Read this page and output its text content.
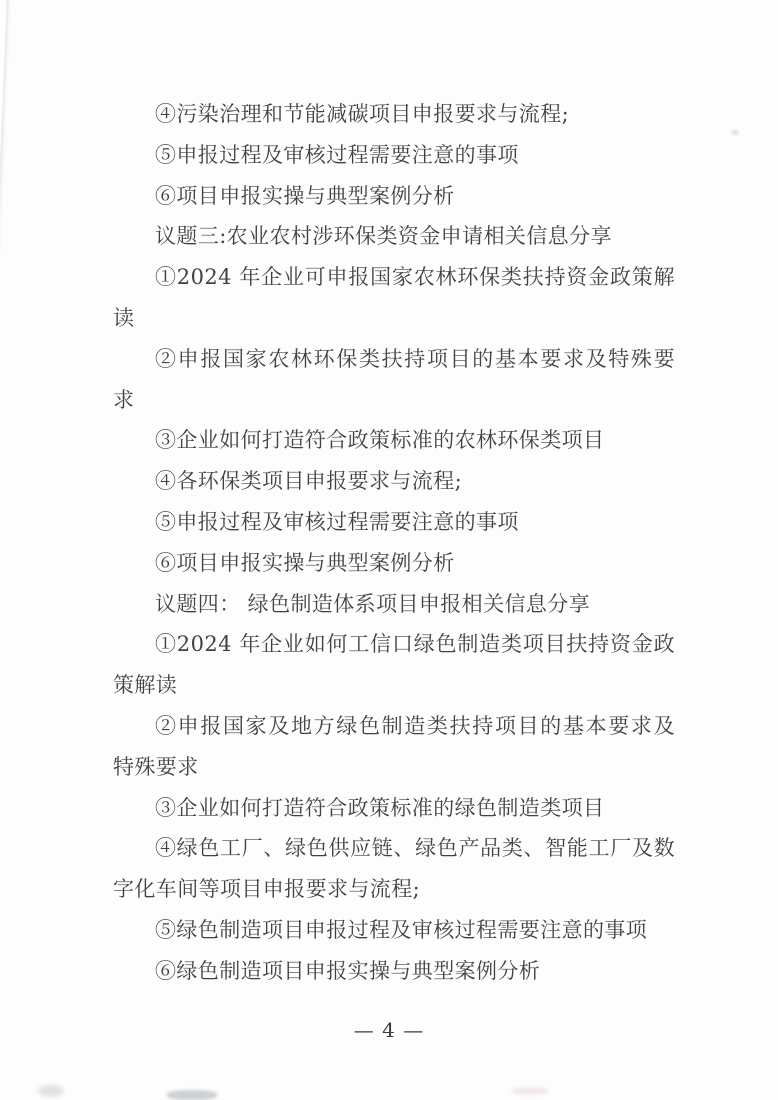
④污染治理和节能减碳项目申报要求与流程;
⑤申报过程及审核过程需要注意的事项
⑥项目申报实操与典型案例分析
议题三:农业农村涉环保类资金申请相关信息分享
①2024 年企业可申报国家农林环保类扶持资金政策解
读
②申报国家农林环保类扶持项目的基本要求及特殊要
求
③企业如何打造符合政策标准的农林环保类项目
④各环保类项目申报要求与流程;
⑤申报过程及审核过程需要注意的事项
⑥项目申报实操与典型案例分析
议题四： 绿色制造体系项目申报相关信息分享
①2024 年企业如何工信口绿色制造类项目扶持资金政
策解读
②申报国家及地方绿色制造类扶持项目的基本要求及
特殊要求
③企业如何打造符合政策标准的绿色制造类项目
④绿色工厂、绿色供应链、绿色产品类、智能工厂及数
字化车间等项目申报要求与流程;
⑤绿色制造项目申报过程及审核过程需要注意的事项
⑥绿色制造项目申报实操与典型案例分析
— 4 —
